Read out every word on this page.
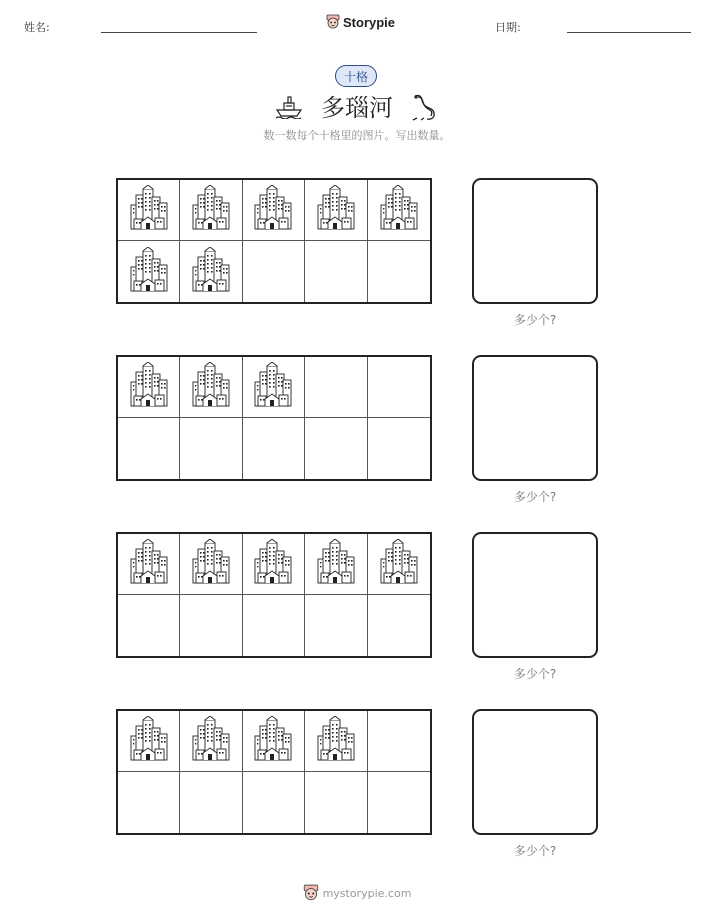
姓名:	Storypie	日期:
十格
多瑙河
数一数每个十格里的图片。写出数量。
多少个?
多少个?
多少个?
多少个?
mystorypie.com
